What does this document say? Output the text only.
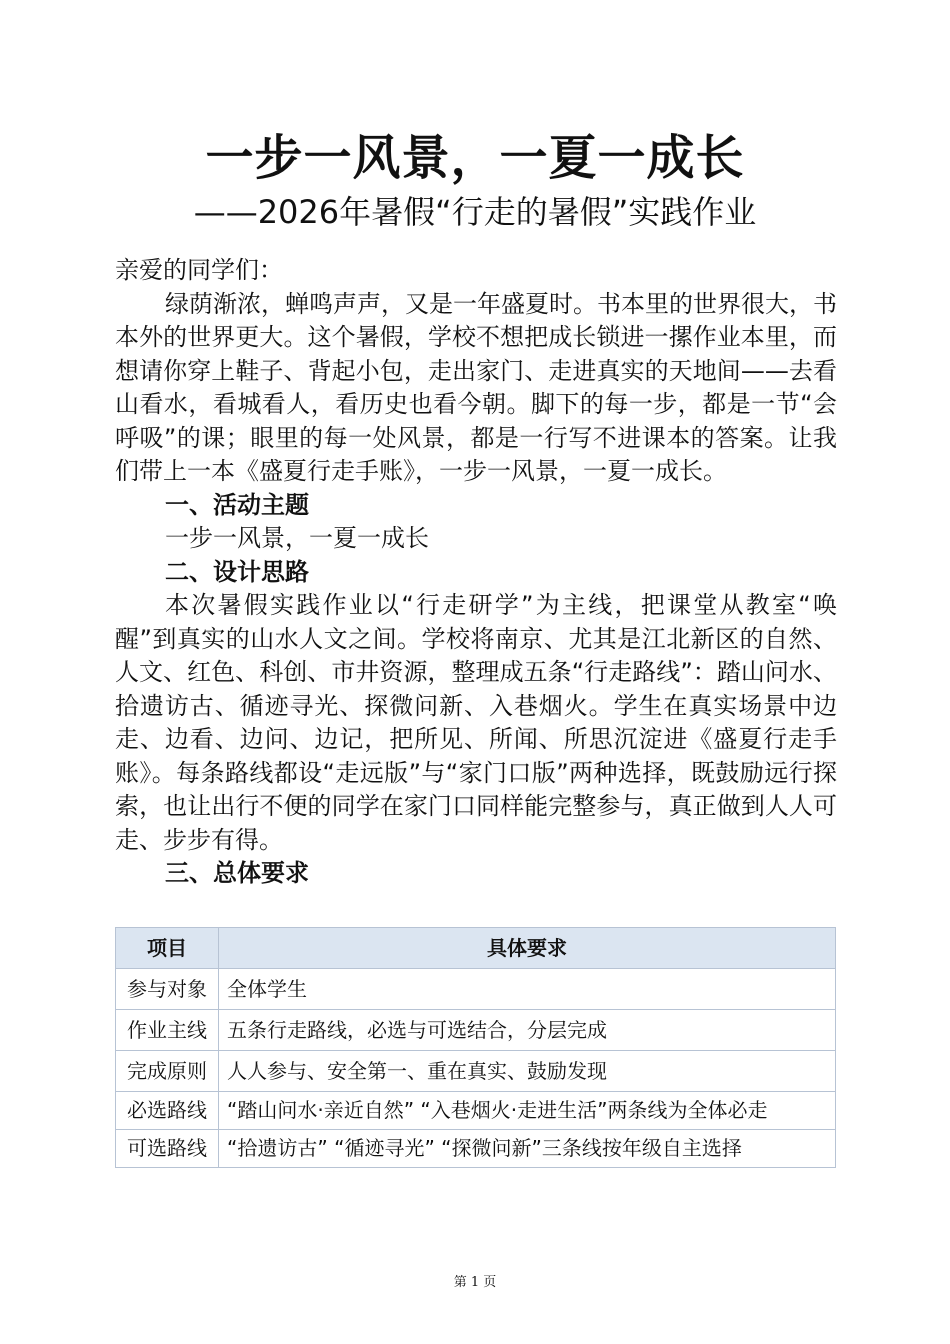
一步一风景，一夏一成长
——2026年暑假“行走的暑假”实践作业

亲爱的同学们：

绿荫渐浓，蝉鸣声声，又是一年盛夏时。书本里的世界很大，书本外的世界更大。这个暑假，学校不想把成长锁进一摞作业本里，而想请你穿上鞋子、背起小包，走出家门、走进真实的天地间——去看山看水，看城看人，看历史也看今朝。脚下的每一步，都是一节“会呼吸”的课；眼里的每一处风景，都是一行写不进课本的答案。让我们带上一本《盛夏行走手账》，一步一风景，一夏一成长。

一、活动主题

一步一风景，一夏一成长

二、设计思路

本次暑假实践作业以“行走研学”为主线，把课堂从教室“唤醒”到真实的山水人文之间。学校将南京、尤其是江北新区的自然、人文、红色、科创、市井资源，整理成五条“行走路线”：踏山问水、拾遗访古、循迹寻光、探微问新、入巷烟火。学生在真实场景中边走、边看、边问、边记，把所见、所闻、所思沉淀进《盛夏行走手账》。每条路线都设“走远版”与“家门口版”两种选择，既鼓励远行探索，也让出行不便的同学在家门口同样能完整参与，真正做到人人可走、步步有得。

三、总体要求

项目	具体要求
参与对象	全体学生
作业主线	五条行走路线，必选与可选结合，分层完成
完成原则	人人参与、安全第一、重在真实、鼓励发现
必选路线	“踏山问水·亲近自然” “入巷烟火·走进生活”两条线为全体必走
可选路线	“拾遗访古” “循迹寻光” “探微问新”三条线按年级自主选择
第 1 页
